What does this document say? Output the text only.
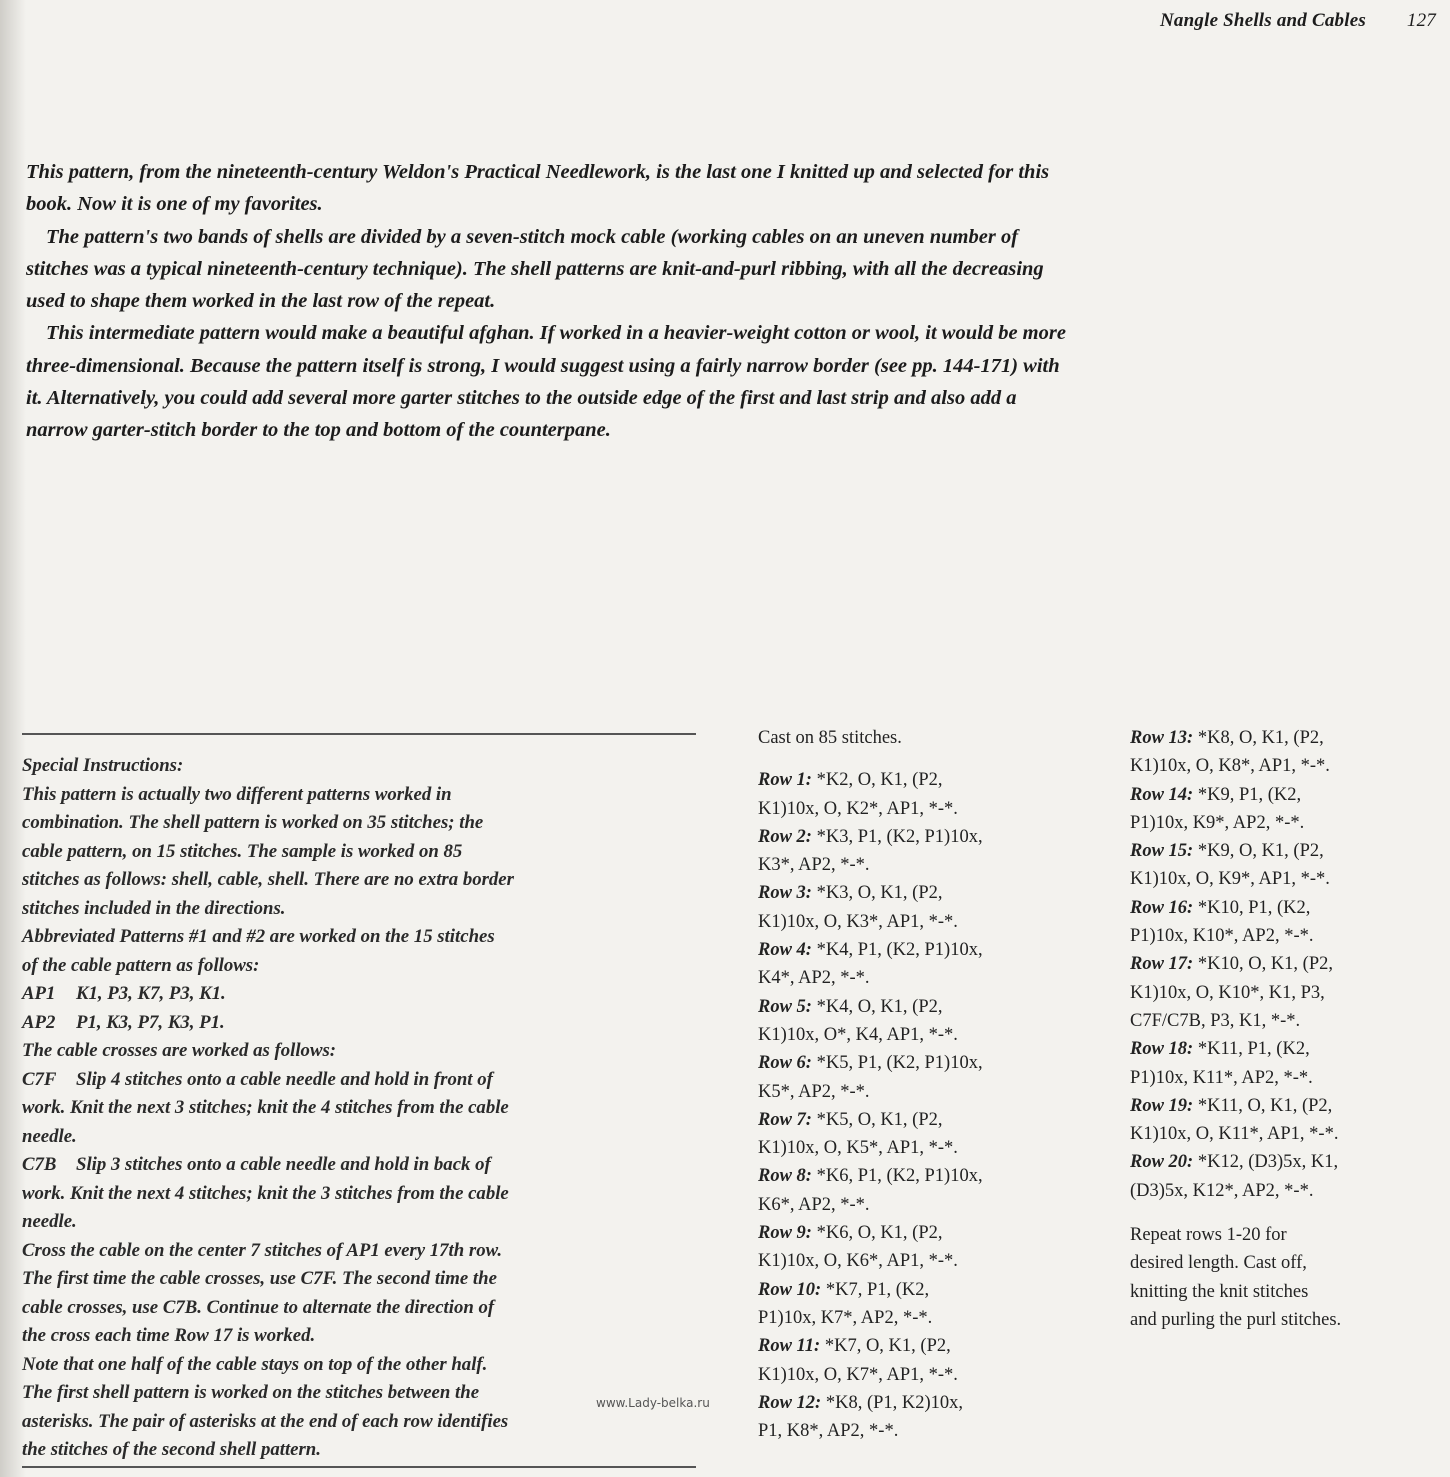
Nangle Shells and Cables 127

This pattern, from the nineteenth-century Weldon's Practical Needlework, is the last one I knitted up and selected for this book. Now it is one of my favorites.

The pattern's two bands of shells are divided by a seven-stitch mock cable (working cables on an uneven number of stitches was a typical nineteenth-century technique). The shell patterns are knit-and-purl ribbing, with all the decreasing used to shape them worked in the last row of the repeat.

This intermediate pattern would make a beautiful afghan. If worked in a heavier-weight cotton or wool, it would be more three-dimensional. Because the pattern itself is strong, I would suggest using a fairly narrow border (see pp. 144-171) with it. Alternatively, you could add several more garter stitches to the outside edge of the first and last strip and also add a narrow garter-stitch border to the top and bottom of the counterpane.

Special Instructions:
This pattern is actually two different patterns worked in
combination. The shell pattern is worked on 35 stitches; the
cable pattern, on 15 stitches. The sample is worked on 85
stitches as follows: shell, cable, shell. There are no extra border
stitches included in the directions.
Abbreviated Patterns #1 and #2 are worked on the 15 stitches
of the cable pattern as follows:
AP1 K1, P3, K7, P3, K1.
AP2 P1, K3, P7, K3, P1.
The cable crosses are worked as follows:
C7F Slip 4 stitches onto a cable needle and hold in front of
work. Knit the next 3 stitches; knit the 4 stitches from the cable
needle.
C7B Slip 3 stitches onto a cable needle and hold in back of
work. Knit the next 4 stitches; knit the 3 stitches from the cable
needle.
Cross the cable on the center 7 stitches of AP1 every 17th row.
The first time the cable crosses, use C7F. The second time the
cable crosses, use C7B. Continue to alternate the direction of
the cross each time Row 17 is worked.
Note that one half of the cable stays on top of the other half.
The first shell pattern is worked on the stitches between the
asterisks. The pair of asterisks at the end of each row identifies
the stitches of the second shell pattern.
Cast on 85 stitches.
Row 1: *K2, O, K1, (P2,
K1)10x, O, K2*, AP1, *-*.
Row 2: *K3, P1, (K2, P1)10x,
K3*, AP2, *-*.
Row 3: *K3, O, K1, (P2,
K1)10x, O, K3*, AP1, *-*.
Row 4: *K4, P1, (K2, P1)10x,
K4*, AP2, *-*.
Row 5: *K4, O, K1, (P2,
K1)10x, O*, K4, AP1, *-*.
Row 6: *K5, P1, (K2, P1)10x,
K5*, AP2, *-*.
Row 7: *K5, O, K1, (P2,
K1)10x, O, K5*, AP1, *-*.
Row 8: *K6, P1, (K2, P1)10x,
K6*, AP2, *-*.
Row 9: *K6, O, K1, (P2,
K1)10x, O, K6*, AP1, *-*.
Row 10: *K7, P1, (K2,
P1)10x, K7*, AP2, *-*.
Row 11: *K7, O, K1, (P2,
K1)10x, O, K7*, AP1, *-*.
Row 12: *K8, (P1, K2)10x,
P1, K8*, AP2, *-*.
Row 13: *K8, O, K1, (P2,
K1)10x, O, K8*, AP1, *-*.
Row 14: *K9, P1, (K2,
P1)10x, K9*, AP2, *-*.
Row 15: *K9, O, K1, (P2,
K1)10x, O, K9*, AP1, *-*.
Row 16: *K10, P1, (K2,
P1)10x, K10*, AP2, *-*.
Row 17: *K10, O, K1, (P2,
K1)10x, O, K10*, K1, P3,
C7F/C7B, P3, K1, *-*.
Row 18: *K11, P1, (K2,
P1)10x, K11*, AP2, *-*.
Row 19: *K11, O, K1, (P2,
K1)10x, O, K11*, AP1, *-*.
Row 20: *K12, (D3)5x, K1,
(D3)5x, K12*, AP2, *-*.
Repeat rows 1-20 for
desired length. Cast off,
knitting the knit stitches
and purling the purl stitches.
www.Lady-belka.ru
